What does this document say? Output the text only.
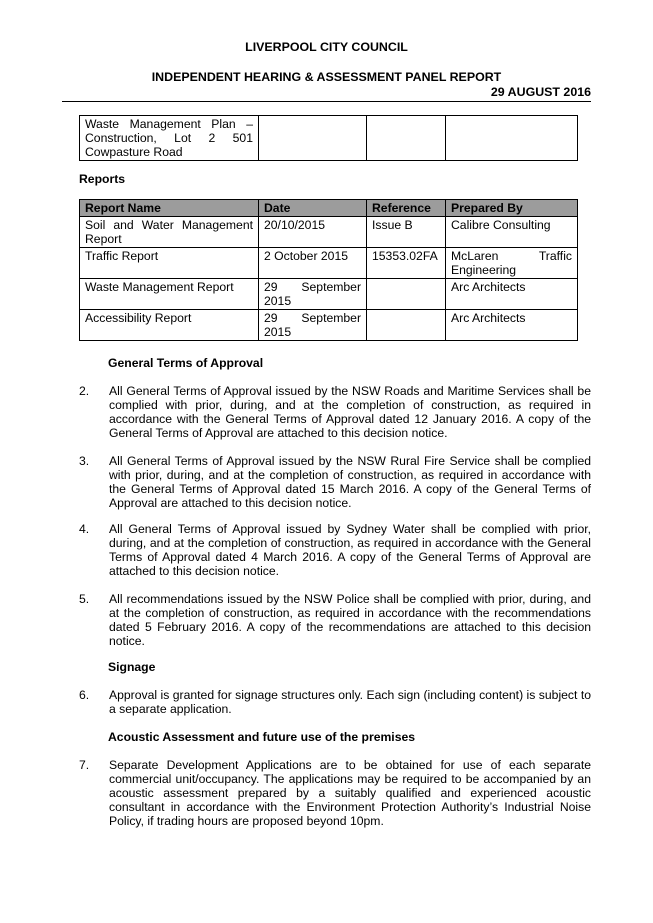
LIVERPOOL CITY COUNCIL
INDEPENDENT HEARING & ASSESSMENT PANEL REPORT
29 AUGUST 2016
Waste Management Plan – Construction, Lot 2 501 Cowpasture Road			
Reports
Report Name	Date	Reference	Prepared By
Soil and Water Management Report	20/10/2015	Issue B	Calibre Consulting
Traffic Report	2 October 2015	15353.02FA	McLaren Traffic Engineering
Waste Management Report	29 September 2015		Arc Architects
Accessibility Report	29 September 2015		Arc Architects
General Terms of Approval
2. All General Terms of Approval issued by the NSW Roads and Maritime Services shall be complied with prior, during, and at the completion of construction, as required in accordance with the General Terms of Approval dated 12 January 2016. A copy of the General Terms of Approval are attached to this decision notice.
3. All General Terms of Approval issued by the NSW Rural Fire Service shall be complied with prior, during, and at the completion of construction, as required in accordance with the General Terms of Approval dated 15 March 2016. A copy of the General Terms of Approval are attached to this decision notice.
4. All General Terms of Approval issued by Sydney Water shall be complied with prior, during, and at the completion of construction, as required in accordance with the General Terms of Approval dated 4 March 2016. A copy of the General Terms of Approval are attached to this decision notice.
5. All recommendations issued by the NSW Police shall be complied with prior, during, and at the completion of construction, as required in accordance with the recommendations dated 5 February 2016. A copy of the recommendations are attached to this decision notice.
Signage
6. Approval is granted for signage structures only. Each sign (including content) is subject to a separate application.
Acoustic Assessment and future use of the premises
7. Separate Development Applications are to be obtained for use of each separate commercial unit/occupancy. The applications may be required to be accompanied by an acoustic assessment prepared by a suitably qualified and experienced acoustic consultant in accordance with the Environment Protection Authority’s Industrial Noise Policy, if trading hours are proposed beyond 10pm.
